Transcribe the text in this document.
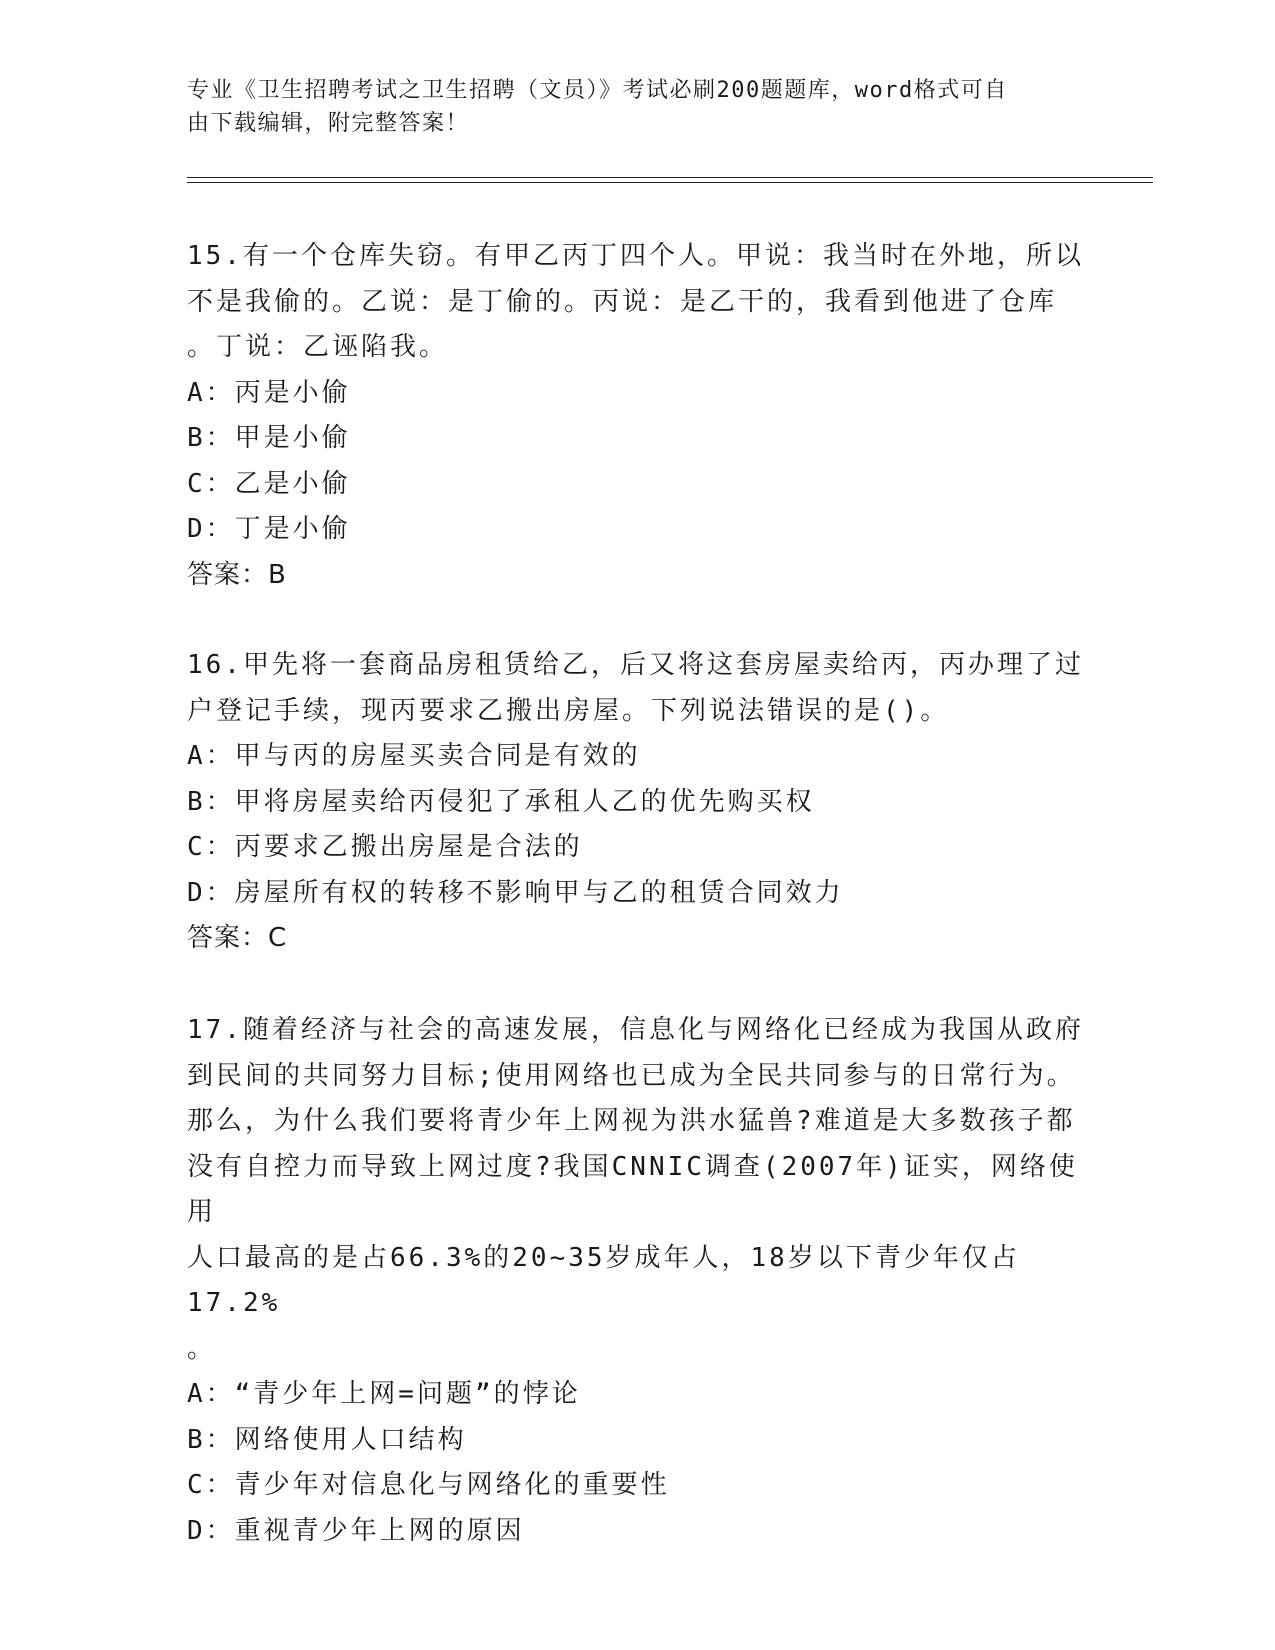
专业《卫生招聘考试之卫生招聘（文员）》考试必刷200题题库，word格式可自
由下载编辑，附完整答案！

15.有一个仓库失窃。有甲乙丙丁四个人。甲说：我当时在外地，所以

不是我偷的。乙说：是丁偷的。丙说：是乙干的，我看到他进了仓库

。丁说：乙诬陷我。

A：丙是小偷

B：甲是小偷

C：乙是小偷

D：丁是小偷

答案：B

16.甲先将一套商品房租赁给乙，后又将这套房屋卖给丙，丙办理了过

户登记手续，现丙要求乙搬出房屋。下列说法错误的是()。

A：甲与丙的房屋买卖合同是有效的

B：甲将房屋卖给丙侵犯了承租人乙的优先购买权

C：丙要求乙搬出房屋是合法的

D：房屋所有权的转移不影响甲与乙的租赁合同效力

答案：C

17.随着经济与社会的高速发展，信息化与网络化已经成为我国从政府

到民间的共同努力目标;使用网络也已成为全民共同参与的日常行为。

那么，为什么我们要将青少年上网视为洪水猛兽?难道是大多数孩子都

没有自控力而导致上网过度?我国CNNIC调查(2007年)证实，网络使用

人口最高的是占66.3%的20~35岁成年人，18岁以下青少年仅占17.2%

。

A：“青少年上网=问题”的悖论

B：网络使用人口结构

C：青少年对信息化与网络化的重要性

D：重视青少年上网的原因
